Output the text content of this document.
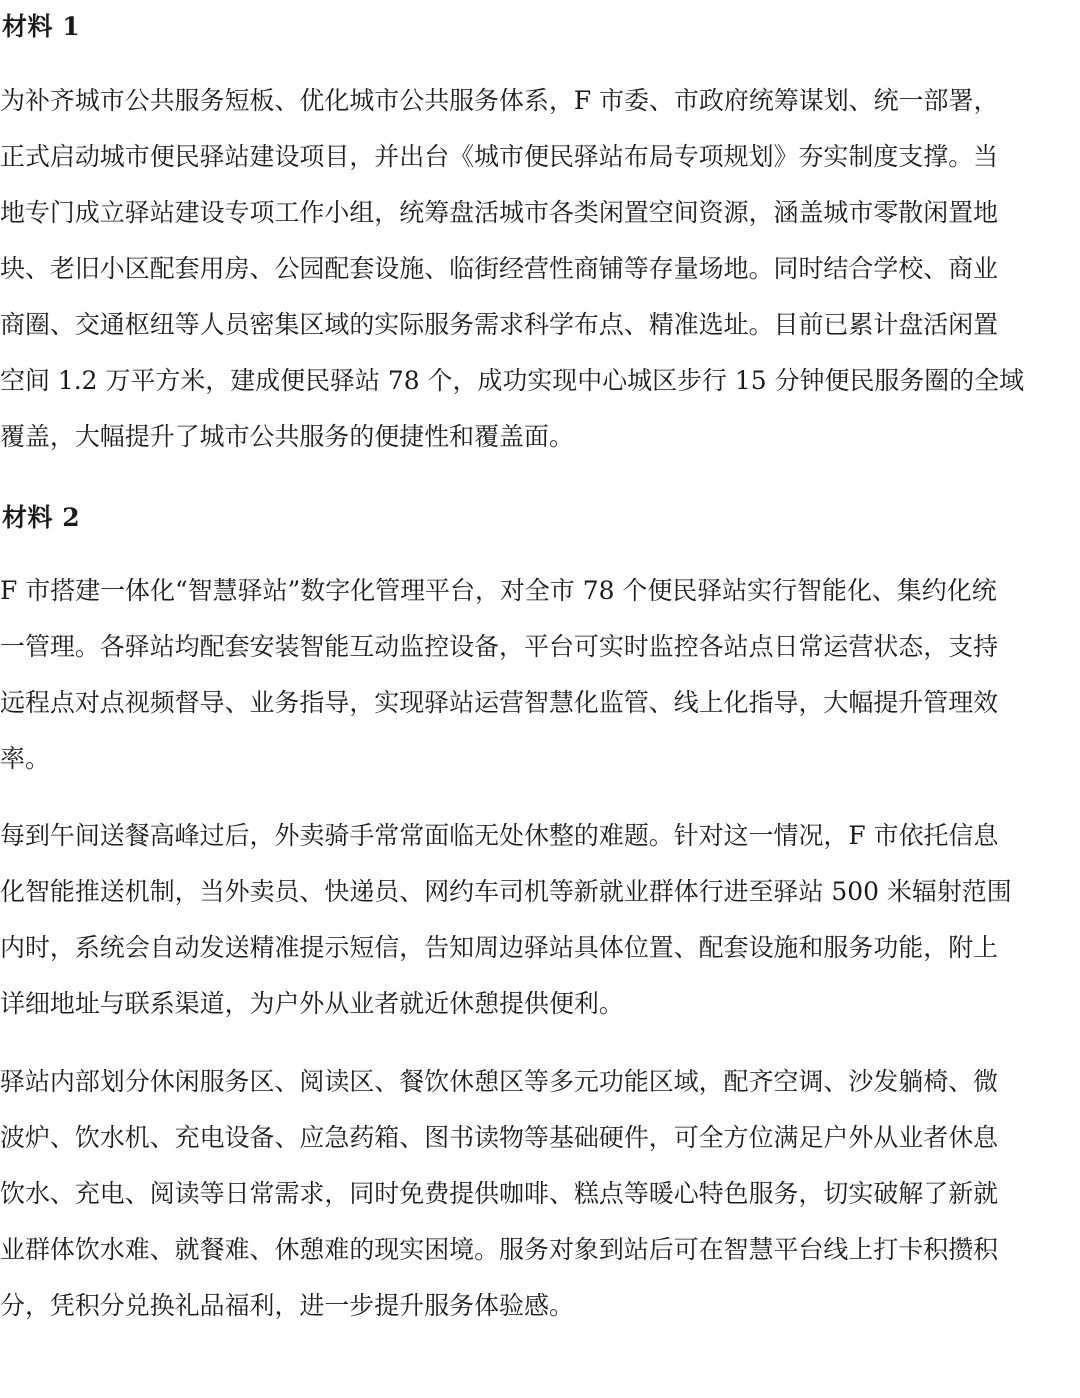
材料 1
为补齐城市公共服务短板、优化城市公共服务体系，F 市委、市政府统筹谋划、统一部署，
正式启动城市便民驿站建设项目，并出台《城市便民驿站布局专项规划》夯实制度支撑。当
地专门成立驿站建设专项工作小组，统筹盘活城市各类闲置空间资源，涵盖城市零散闲置地
块、老旧小区配套用房、公园配套设施、临街经营性商铺等存量场地。同时结合学校、商业
商圈、交通枢纽等人员密集区域的实际服务需求科学布点、精准选址。目前已累计盘活闲置
空间 1.2 万平方米，建成便民驿站 78 个，成功实现中心城区步行 15 分钟便民服务圈的全域
覆盖，大幅提升了城市公共服务的便捷性和覆盖面。
材料 2
F 市搭建一体化“智慧驿站”数字化管理平台，对全市 78 个便民驿站实行智能化、集约化统
一管理。各驿站均配套安装智能互动监控设备，平台可实时监控各站点日常运营状态，支持
远程点对点视频督导、业务指导，实现驿站运营智慧化监管、线上化指导，大幅提升管理效
率。
每到午间送餐高峰过后，外卖骑手常常面临无处休整的难题。针对这一情况，F 市依托信息
化智能推送机制，当外卖员、快递员、网约车司机等新就业群体行进至驿站 500 米辐射范围
内时，系统会自动发送精准提示短信，告知周边驿站具体位置、配套设施和服务功能，附上
详细地址与联系渠道，为户外从业者就近休憩提供便利。
驿站内部划分休闲服务区、阅读区、餐饮休憩区等多元功能区域，配齐空调、沙发躺椅、微
波炉、饮水机、充电设备、应急药箱、图书读物等基础硬件，可全方位满足户外从业者休息
饮水、充电、阅读等日常需求，同时免费提供咖啡、糕点等暖心特色服务，切实破解了新就
业群体饮水难、就餐难、休憩难的现实困境。服务对象到站后可在智慧平台线上打卡积攒积
分，凭积分兑换礼品福利，进一步提升服务体验感。
